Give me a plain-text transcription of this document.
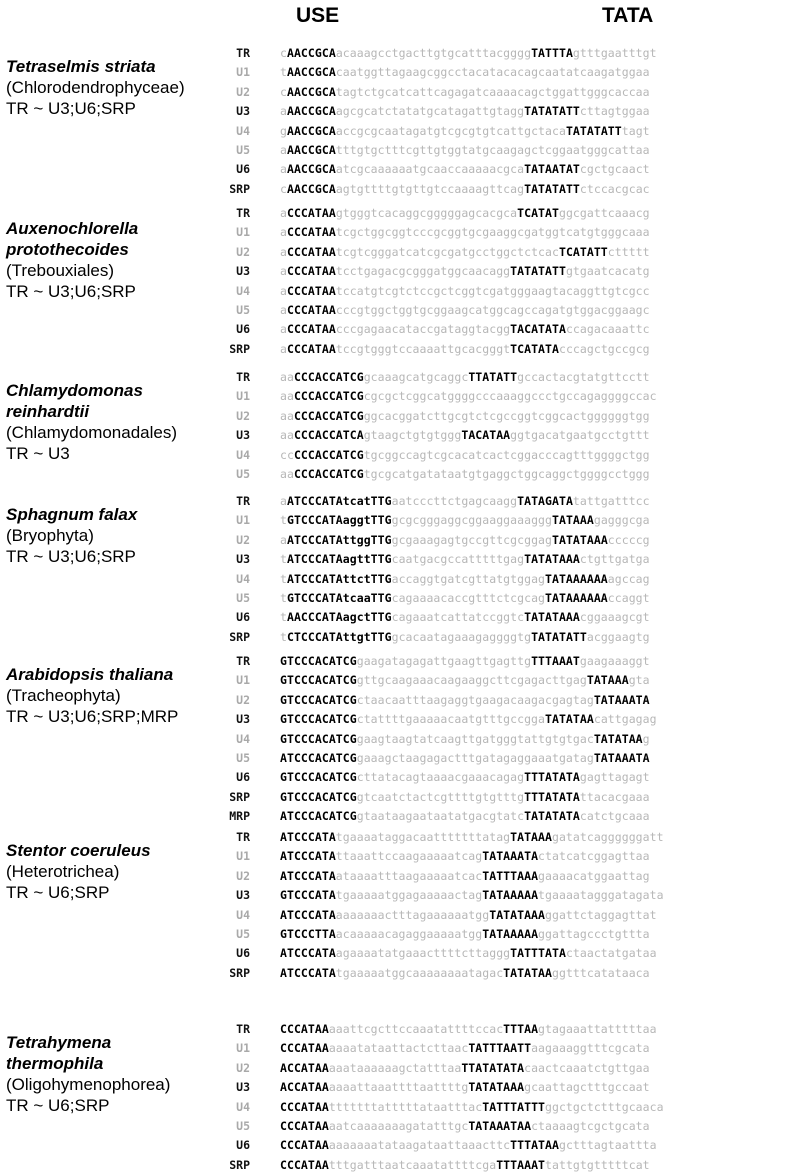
USE	TATA
Tetraselmis striata
(Chlorodendrophyceae)
TR ~ U3;U6;SRP
TR	cAACCGCAacaaagcctgacttgtgcatttacggggTATTTAgtttgaatttgt
U1	tAACCGCAcaatggttagaagcggcctacatacacagcaatatcaagatggaa
U2	cAACCGCAtagtctgcatcattcagagatcaaaacagctggattgggcaccaa
U3	aAACCGCAagcgcatctatatgcatagattgtaggTATATATTcttagtggaa
U4	gAACCGCAaccgcgcaatagatgtcgcgtgtcattgctacaTATATATTtagt
U5	aAACCGCAtttgtgctttcgttgtggtatgcaagagctcggaatgggcattaa
U6	aAACCGCAatcgcaaaaaatgcaaccaaaaacgcaTATAATATcgctgcaact
SRP	cAACCGCAagtgttttgtgttgtccaaaagttcagTATATATTctccacgcac
Auxenochlorella
protothecoides
(Trebouxiales)
TR ~ U3;U6;SRP
TR	aCCCATAAgtgggtcacaggcgggggagcacgcaTCATATggcgattcaaacg
U1	aCCCATAAtcgctggcggtcccgcggtgcgaaggcgatggtcatgtgggcaaa
U2	aCCCATAAtcgtcgggatcatcgcgatgcctggctctcacTCATATTcttttt
U3	aCCCATAAtcctgagacgcgggatggcaacaggTATATATTgtgaatcacatg
U4	aCCCATAAtccatgtcgtctccgctcggtcgatgggaagtacaggttgtcgcc
U5	aCCCATAAcccgtggctggtgcggaagcatggcagccagatgtggacggaagc
U6	aCCCATAAcccgagaacataccgataggtacggTACATATAccagacaaattc
SRP	aCCCATAAtccgtgggtccaaaattgcacgggtTCATATAcccagctgccgcg
Chlamydomonas
reinhardtii
(Chlamydomonadales)
TR ~ U3
TR	aaCCCACCATCGgcaaagcatgcaggcTTATATTgccactacgtatgttcctt
U1	aaCCCACCATCGcgcgctcggcatggggcccaaaggccctgccagaggggccac
U2	aaCCCACCATCGggcacggatcttgcgtctcgccggtcggcactggggggtgg
U3	aaCCCACCATCAgtaagctgtgtgggTACATAAggtgacatgaatgcctgttt
U4	ccCCCACCATCGtgcggccagtcgcacatcactcggacccagtttggggctgg
U5	aaCCCACCATCGtgcgcatgatataatgtgaggctggcaggctggggcctggg
Sphagnum falax
(Bryophyta)
TR ~ U3;U6;SRP
TR	aATCCCATAtcatTTGaatcccttctgagcaaggTATAGATAtattgatttcc
U1	tGTCCCATAaggtTTGgcgcgggaggcggaaggaaagggTATAAAgagggcga
U2	aATCCCATAttggTTGgcgaaagagtgccgttcgcggagTATATAAAcccccg
U3	tATCCCATAagttTTGcaatgacgccatttttgagTATATAAActgttgatga
U4	tATCCCATAttctTTGaccaggtgatcgttatgtggagTATAAAAAAagccag
U5	tGTCCCATAtcaaTTGcagaaaacaccgtttctcgcagTATAAAAAAccaggt
U6	tAACCCATAagctTTGcagaaatcattatccggtcTATATAAAcggaaagcgt
SRP	tCTCCCATAttgtTTGgcacaatagaaagaggggtgTATATATTacggaagtg
Arabidopsis thaliana
(Tracheophyta)
TR ~ U3;U6;SRP;MRP
TR	GTCCCACATCGgaagatagagattgaagttgagttgTTTAAATgaagaaaggt
U1	GTCCCACATCGgttgcaagaaacaagaaggcttcgagacttgagTATAAAgta
U2	GTCCCACATCGctaacaatttaagaggtgaagacaagacgagtagTATAAATA
U3	GTCCCACATCGctattttgaaaaacaatgtttgccggaTATATAAcattgagag
U4	GTCCCACATCGgaagtaagtatcaagttgatgggtattgtgtgacTATATAAg
U5	ATCCCACATCGgaaagctaagagactttgatagaggaaatgatagTATAAATA
U6	GTCCCACATCGcttatacagtaaaacgaaacagagTTTATATAgagttagagt
SRP	GTCCCACATCGgtcaatctactcgttttgtgtttgTTTATATAttacacgaaa
MRP	ATCCCACATCGgtaataagaataatatgacgtatcTATATATAcatctgcaaa
Stentor coeruleus
(Heterotrichea)
TR ~ U6;SRP
TR	ATCCCATAtgaaaataggacaatttttttatagTATAAAgatatcaggggggatt
U1	ATCCCATAttaaattccaagaaaaatcagTATAAATActatcatcggagttaa
U2	ATCCCATAataaaatttaagaaaaatcacTATTTAAAgaaaacatggaattag
U3	GTCCCATAtgaaaaatggagaaaaactagTATAAAAAtgaaaatagggatagata
U4	ATCCCATAaaaaaaactttagaaaaaatggTATATAAAggattctaggagttat
U5	GTCCCTTAacaaaaacagaggaaaaatggTATAAAAAggattagccctgttta
U6	ATCCCATAagaaaatatgaaacttttcttagggTATTTATActaactatgataa
SRP	ATCCCATAtgaaaaatggcaaaaaaaatagacTATATAAggtttcatataaca
Tetrahymena
thermophila
(Oligohymenophorea)
TR ~ U6;SRP
TR	CCCATAAaaattcgcttccaaatattttccacTTTAAgtagaaattatttttaa
U1	CCCATAAaaaatataattactcttaacTATTTAATTaagaaaggtttcgcata
U2	ACCATAAaaataaaaaagctatttaaTTATATATAcaactcaaatctgttgaa
U3	ACCATAAaaaattaaattttaattttgTATATAAAgcaattagctttgccaat
U4	CCCATAAtttttttatttttataatttacTATTTATTTggctgctctttgcaaca
U5	CCCATAAaatcaaaaaaagatatttgcTATAAATAActaaaagtcgctgcata
U6	CCCATAAaaaaaaatataagataattaaacttcTTTATAAgctttagtaattta
SRP	CCCATAAtttgatttaatcaaatattttcgaTTTAAATtattgtgtttttcat
